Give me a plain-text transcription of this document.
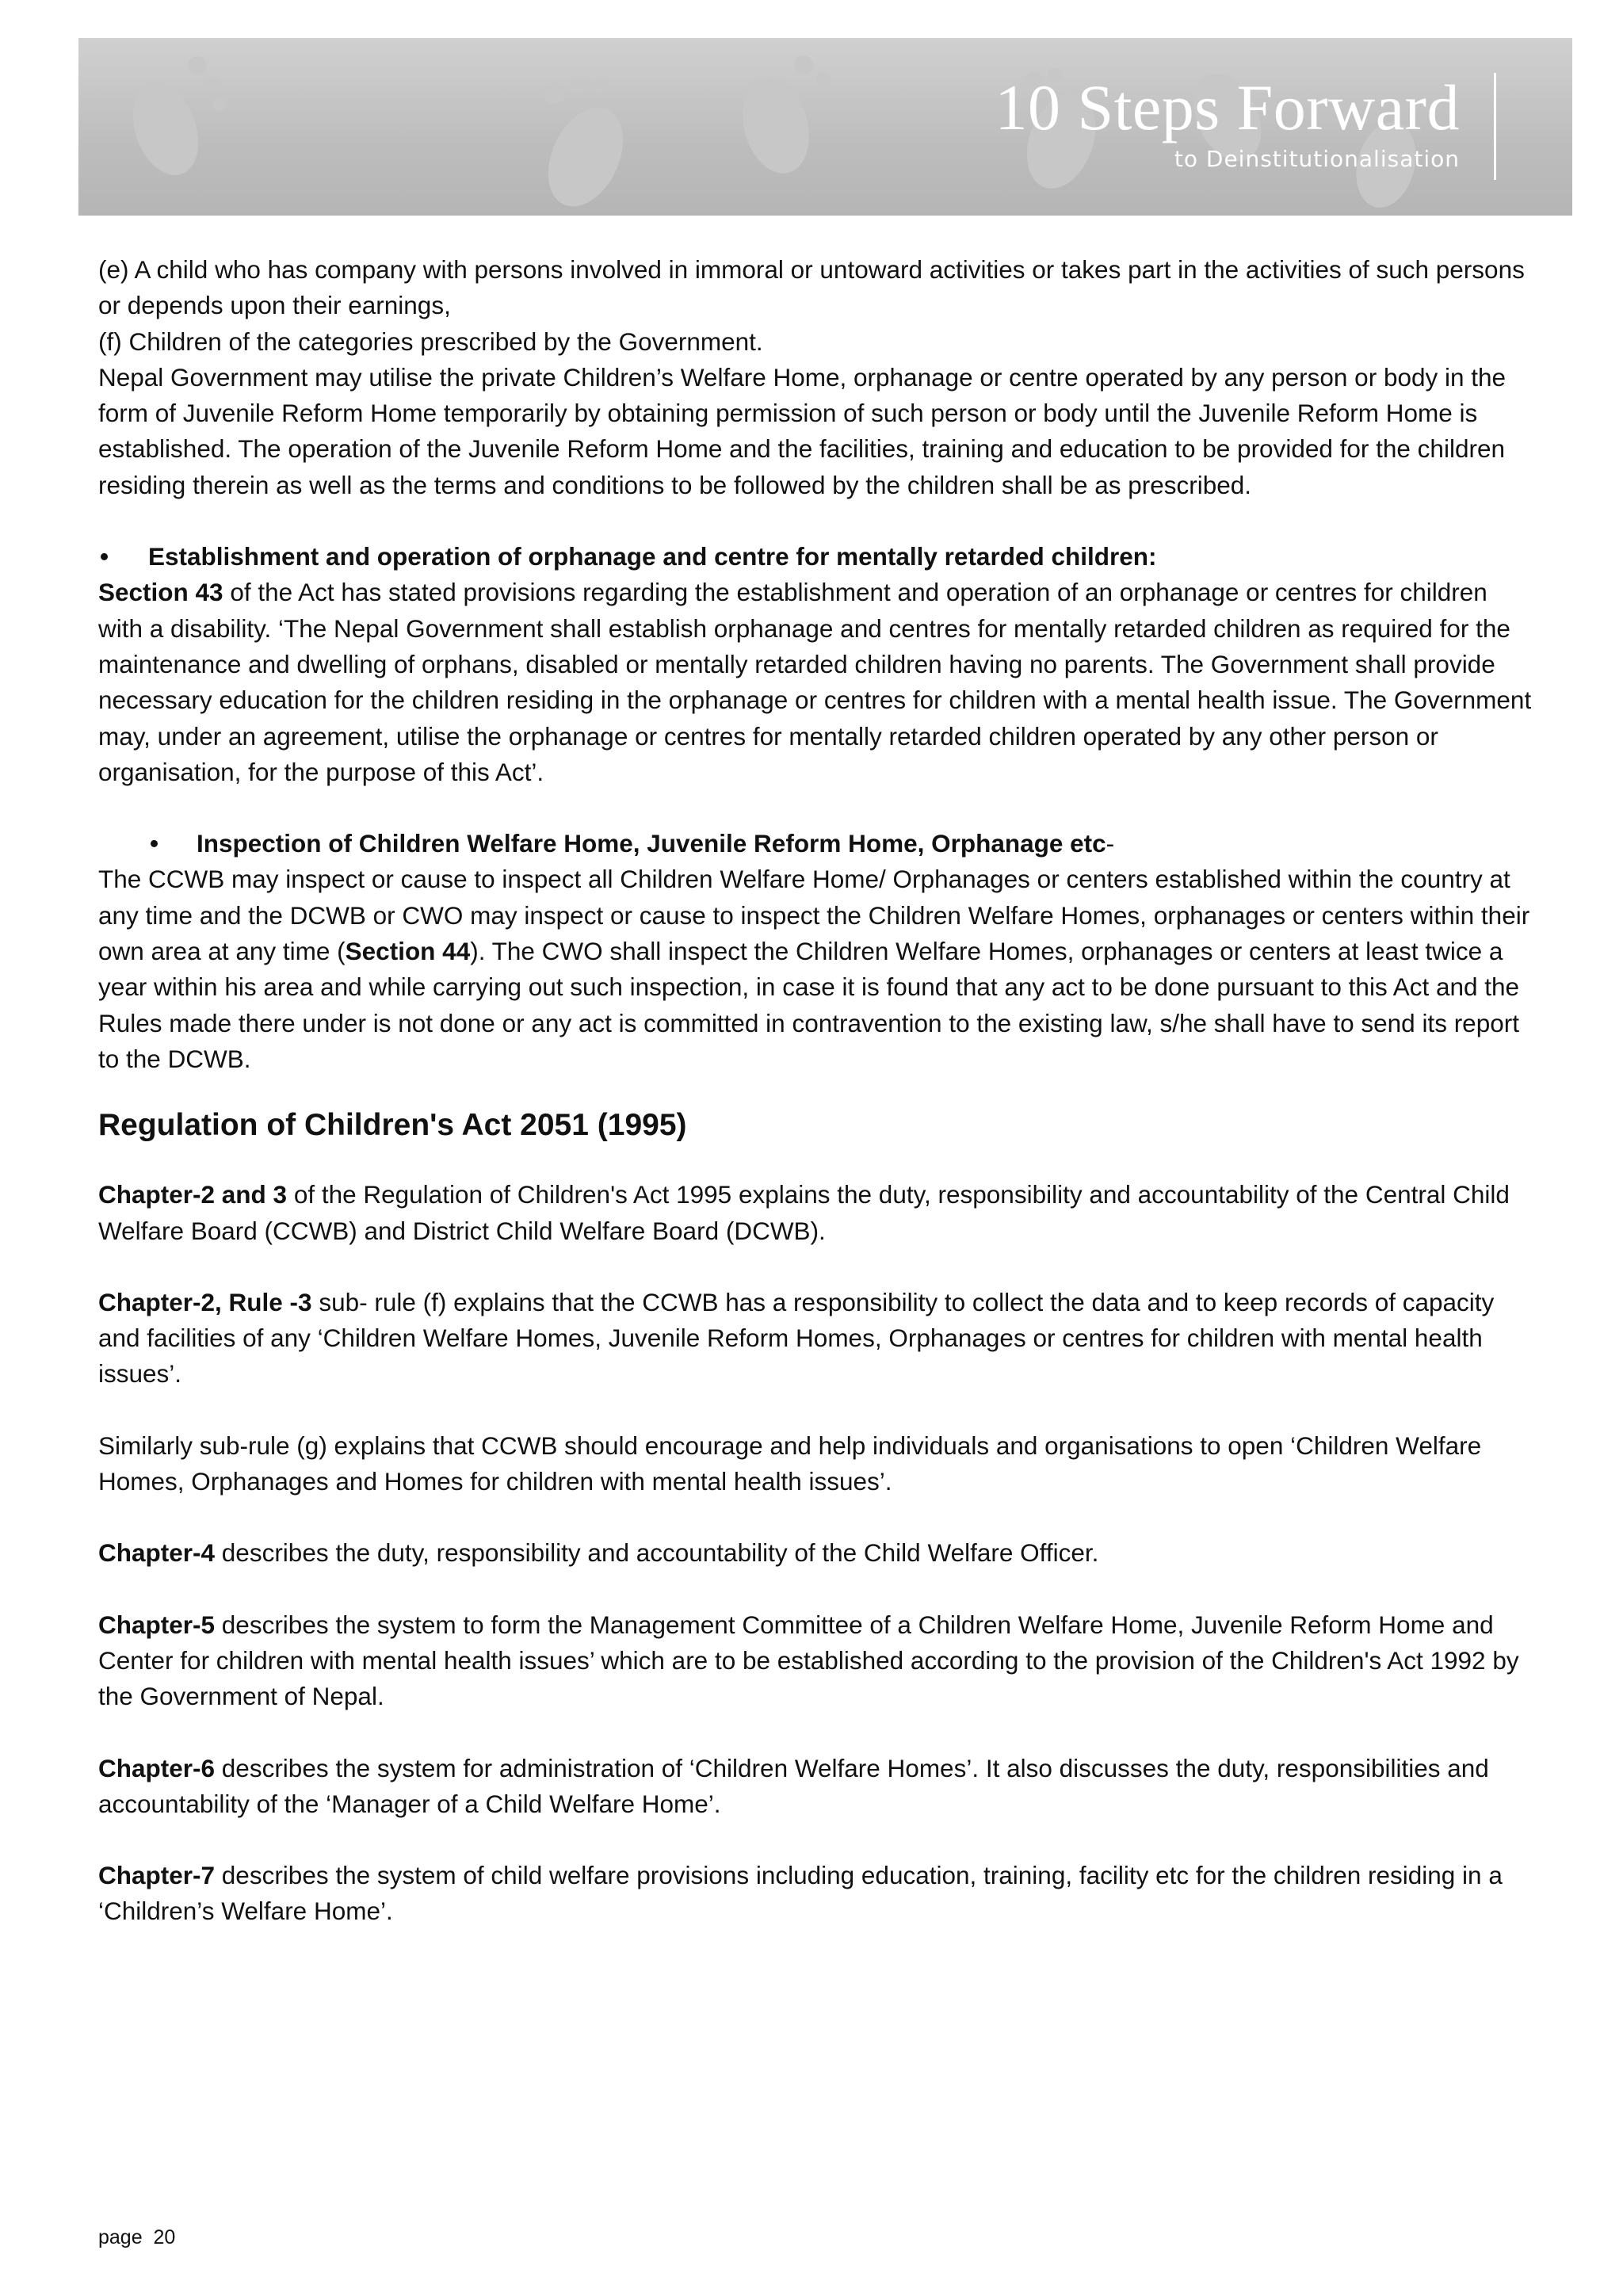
10 Steps Forward
to Deinstitutionalisation

(e) A child who has company with persons involved in immoral or untoward activities or takes part in the activities of such persons or depends upon their earnings,

(f) Children of the categories prescribed by the Government.

Nepal Government may utilise the private Children’s Welfare Home, orphanage or centre operated by any person or body in the form of Juvenile Reform Home temporarily by obtaining permission of such person or body until the Juvenile Reform Home is established. The operation of the Juvenile Reform Home and the facilities, training and education to be provided for the children residing therein as well as the terms and conditions to be followed by the children shall be as prescribed.

• Establishment and operation of orphanage and centre for mentally retarded children:

Section 43 of the Act has stated provisions regarding the establishment and operation of an orphanage or centres for children with a disability. ‘The Nepal Government shall establish orphanage and centres for mentally retarded children as required for the maintenance and dwelling of orphans, disabled or mentally retarded children having no parents. The Government shall provide necessary education for the children residing in the orphanage or centres for children with a mental health issue. The Government may, under an agreement, utilise the orphanage or centres for mentally retarded children operated by any other person or organisation, for the purpose of this Act’.

• Inspection of Children Welfare Home, Juvenile Reform Home, Orphanage etc-

The CCWB may inspect or cause to inspect all Children Welfare Home/ Orphanages or centers established within the country at any time and the DCWB or CWO may inspect or cause to inspect the Children Welfare Homes, orphanages or centers within their own area at any time (Section 44). The CWO shall inspect the Children Welfare Homes, orphanages or centers at least twice a year within his area and while carrying out such inspection, in case it is found that any act to be done pursuant to this Act and the Rules made there under is not done or any act is committed in contravention to the existing law, s/he shall have to send its report to the DCWB.

Regulation of Children's Act 2051 (1995)

Chapter-2 and 3 of the Regulation of Children's Act 1995 explains the duty, responsibility and accountability of the Central Child Welfare Board (CCWB) and District Child Welfare Board (DCWB).

Chapter-2, Rule -3 sub- rule (f) explains that the CCWB has a responsibility to collect the data and to keep records of capacity and facilities of any ‘Children Welfare Homes, Juvenile Reform Homes, Orphanages or centres for children with mental health issues’.

Similarly sub-rule (g) explains that CCWB should encourage and help individuals and organisations to open ‘Children Welfare Homes, Orphanages and Homes for children with mental health issues’.

Chapter-4 describes the duty, responsibility and accountability of the Child Welfare Officer.

Chapter-5 describes the system to form the Management Committee of a Children Welfare Home, Juvenile Reform Home and Center for children with mental health issues’ which are to be established according to the provision of the Children's Act 1992 by the Government of Nepal.

Chapter-6 describes the system for administration of ‘Children Welfare Homes’. It also discusses the duty, responsibilities and accountability of the ‘Manager of a Child Welfare Home’.

Chapter-7 describes the system of child welfare provisions including education, training, facility etc for the children residing in a ‘Children’s Welfare Home’.

page 20
